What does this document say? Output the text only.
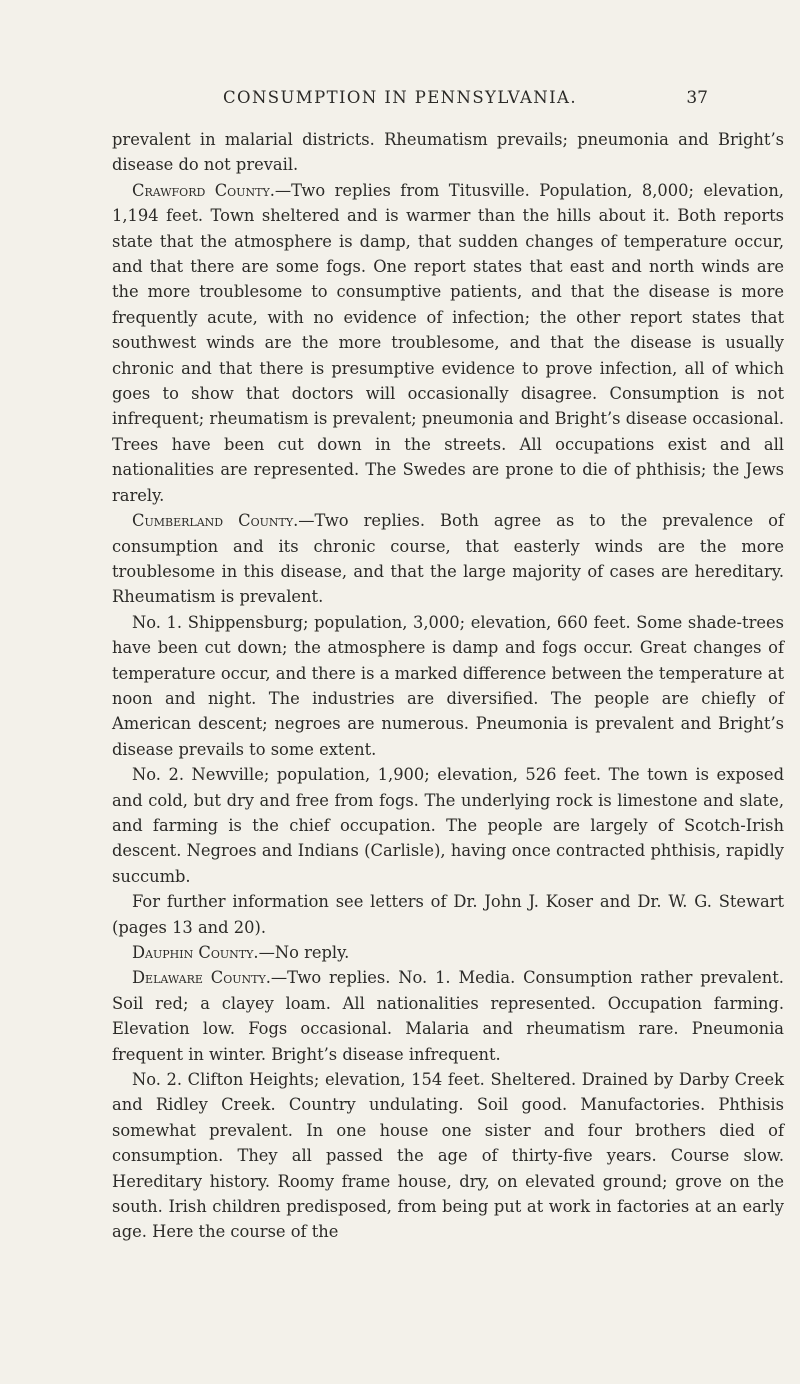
CONSUMPTION IN PENNSYLVANIA.	37

prevalent in malarial districts. Rheumatism prevails; pneumonia and Bright’s disease do not prevail.

Crawford County.—Two replies from Titusville. Population, 8,000; elevation, 1,194 feet. Town sheltered and is warmer than the hills about it. Both reports state that the atmosphere is damp, that sudden changes of temperature occur, and that there are some fogs. One report states that east and north winds are the more troublesome to consumptive patients, and that the disease is more frequently acute, with no evidence of infection; the other report states that southwest winds are the more troublesome, and that the disease is usually chronic and that there is presumptive evidence to prove infection, all of which goes to show that doctors will occasionally disagree. Consumption is not infrequent; rheumatism is prevalent; pneumonia and Bright’s disease occasional. Trees have been cut down in the streets. All occupations exist and all nationalities are represented. The Swedes are prone to die of phthisis; the Jews rarely.

Cumberland County.—Two replies. Both agree as to the prevalence of consumption and its chronic course, that easterly winds are the more troublesome in this disease, and that the large majority of cases are hereditary. Rheumatism is prevalent.

No. 1. Shippensburg; population, 3,000; elevation, 660 feet. Some shade-trees have been cut down; the atmosphere is damp and fogs occur. Great changes of temperature occur, and there is a marked difference between the temperature at noon and night. The industries are diversified. The people are chiefly of American descent; negroes are numerous. Pneumonia is prevalent and Bright’s disease prevails to some extent.

No. 2. Newville; population, 1,900; elevation, 526 feet. The town is exposed and cold, but dry and free from fogs. The underlying rock is limestone and slate, and farming is the chief occupation. The people are largely of Scotch-Irish descent. Negroes and Indians (Carlisle), having once contracted phthisis, rapidly succumb.

For further information see letters of Dr. John J. Koser and Dr. W. G. Stewart (pages 13 and 20).

Dauphin County.—No reply.

Delaware County.—Two replies. No. 1. Media. Consumption rather prevalent. Soil red; a clayey loam. All nationalities represented. Occupation farming. Elevation low. Fogs occasional. Malaria and rheumatism rare. Pneumonia frequent in winter. Bright’s disease infrequent.

No. 2. Clifton Heights; elevation, 154 feet. Sheltered. Drained by Darby Creek and Ridley Creek. Country undulating. Soil good. Manufactories. Phthisis somewhat prevalent. In one house one sister and four brothers died of consumption. They all passed the age of thirty-five years. Course slow. Hereditary history. Roomy frame house, dry, on elevated ground; grove on the south. Irish children predisposed, from being put at work in factories at an early age. Here the course of the
